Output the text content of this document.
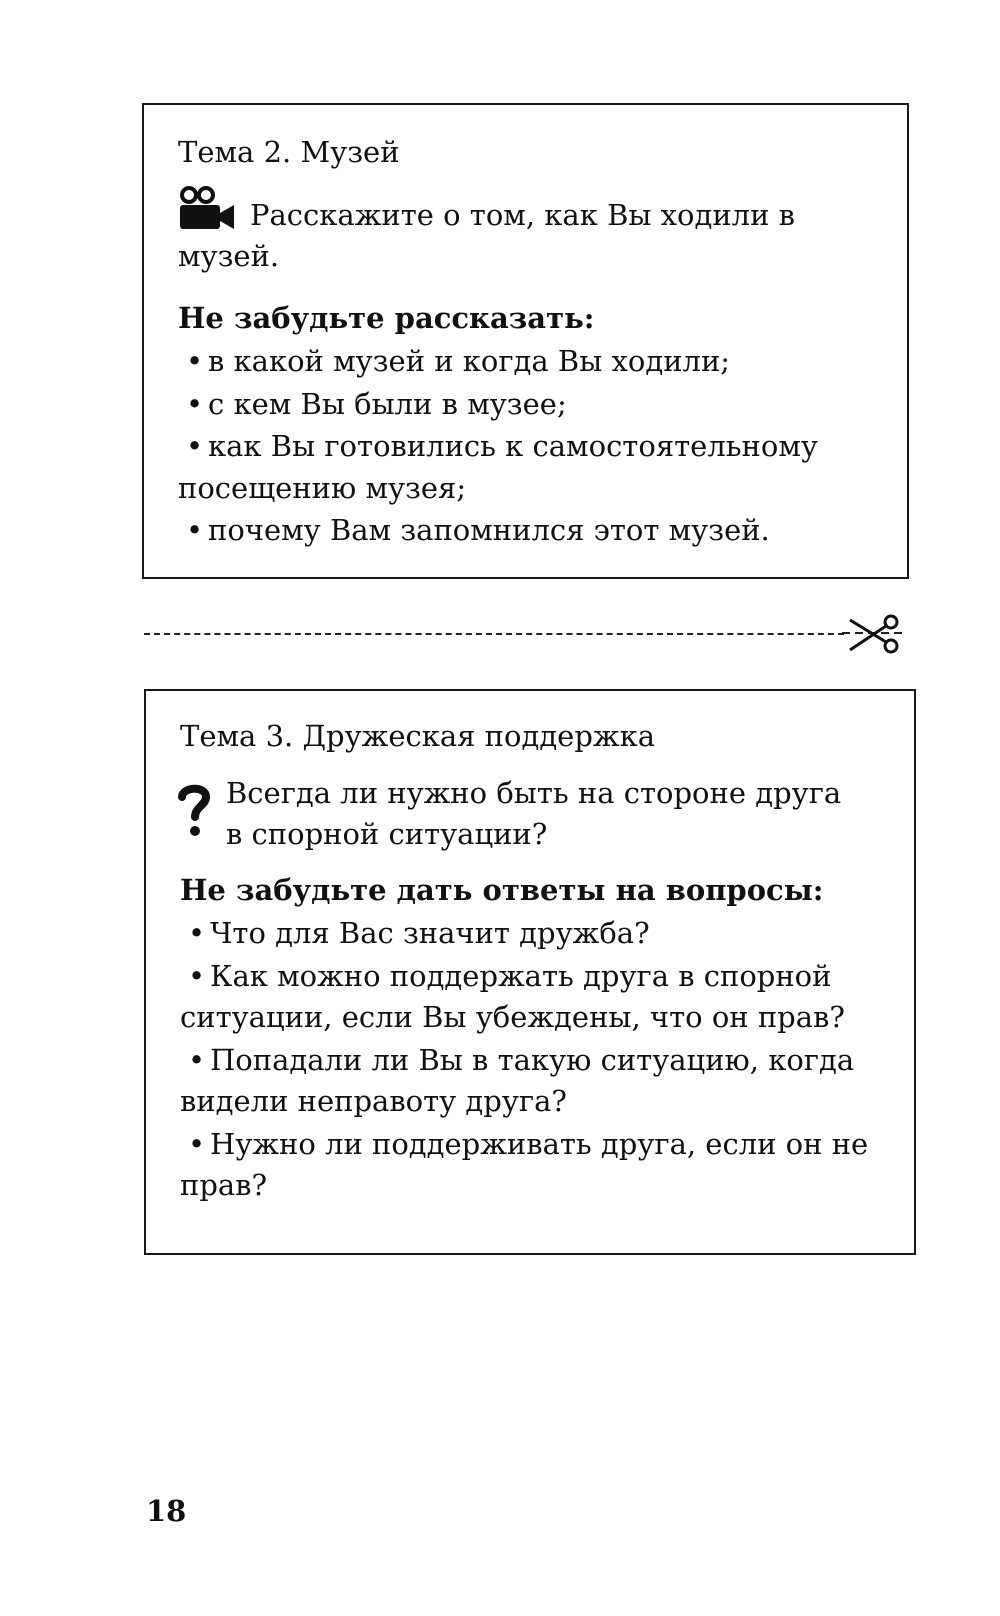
Тема 2. Музей
Расскажите о том, как Вы ходили в музей.
Не забудьте рассказать:
• в какой музей и когда Вы ходили;
• с кем Вы были в музее;
• как Вы готовились к самостоятельному посещению музея;
• почему Вам запомнился этот музей.
Тема 3. Дружеская поддержка
Всегда ли нужно быть на стороне друга в спорной ситуации?
Не забудьте дать ответы на вопросы:
• Что для Вас значит дружба?
• Как можно поддержать друга в спорной ситуации, если Вы убеждены, что он прав?
• Попадали ли Вы в такую ситуацию, когда видели неправоту друга?
• Нужно ли поддерживать друга, если он не прав?
18
